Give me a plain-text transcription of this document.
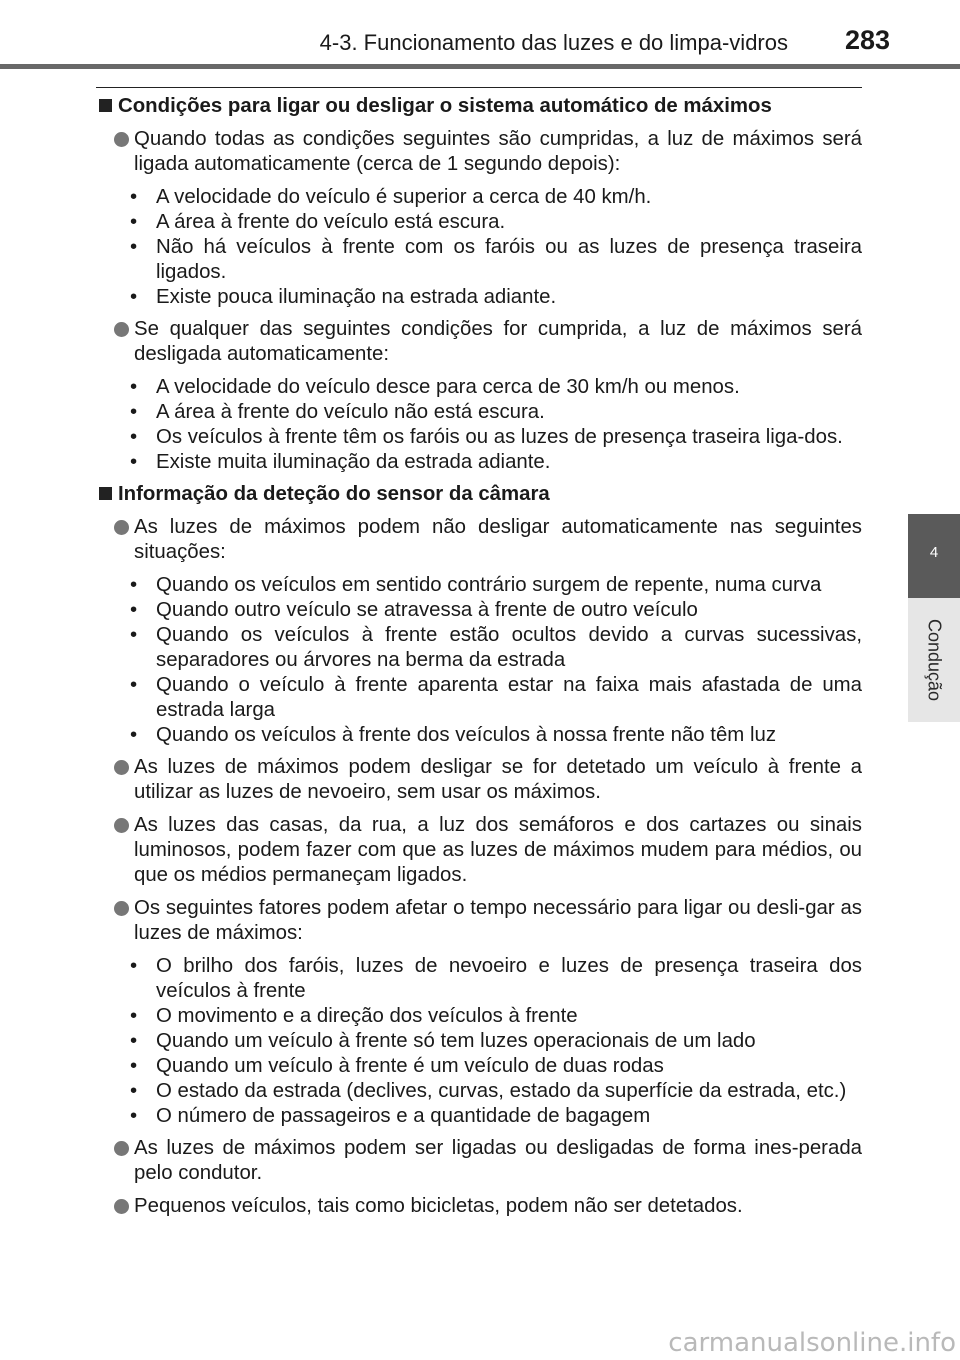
4-3. Funcionamento das luzes e do limpa-vidros 283
4
Condução
Condições para ligar ou desligar o sistema automático de máximos
Quando todas as condições seguintes são cumpridas, a luz de máximos será ligada automaticamente (cerca de 1 segundo depois):
• A velocidade do veículo é superior a cerca de 40 km/h.
• A área à frente do veículo está escura.
• Não há veículos à frente com os faróis ou as luzes de presença traseira ligados.
• Existe pouca iluminação na estrada adiante.
Se qualquer das seguintes condições for cumprida, a luz de máximos será desligada automaticamente:
• A velocidade do veículo desce para cerca de 30 km/h ou menos.
• A área à frente do veículo não está escura.
• Os veículos à frente têm os faróis ou as luzes de presença traseira liga-dos.
• Existe muita iluminação da estrada adiante.
Informação da deteção do sensor da câmara
As luzes de máximos podem não desligar automaticamente nas seguintes situações:
• Quando os veículos em sentido contrário surgem de repente, numa curva
• Quando outro veículo se atravessa à frente de outro veículo
• Quando os veículos à frente estão ocultos devido a curvas sucessivas, separadores ou árvores na berma da estrada
• Quando o veículo à frente aparenta estar na faixa mais afastada de uma estrada larga
• Quando os veículos à frente dos veículos à nossa frente não têm luz
As luzes de máximos podem desligar se for detetado um veículo à frente a utilizar as luzes de nevoeiro, sem usar os máximos.
As luzes das casas, da rua, a luz dos semáforos e dos cartazes ou sinais luminosos, podem fazer com que as luzes de máximos mudem para médios, ou que os médios permaneçam ligados.
Os seguintes fatores podem afetar o tempo necessário para ligar ou desli-gar as luzes de máximos:
• O brilho dos faróis, luzes de nevoeiro e luzes de presença traseira dos veículos à frente
• O movimento e a direção dos veículos à frente
• Quando um veículo à frente só tem luzes operacionais de um lado
• Quando um veículo à frente é um veículo de duas rodas
• O estado da estrada (declives, curvas, estado da superfície da estrada, etc.)
• O número de passageiros e a quantidade de bagagem
As luzes de máximos podem ser ligadas ou desligadas de forma ines-perada pelo condutor.
Pequenos veículos, tais como bicicletas, podem não ser detetados.
carmanualsonline.info
